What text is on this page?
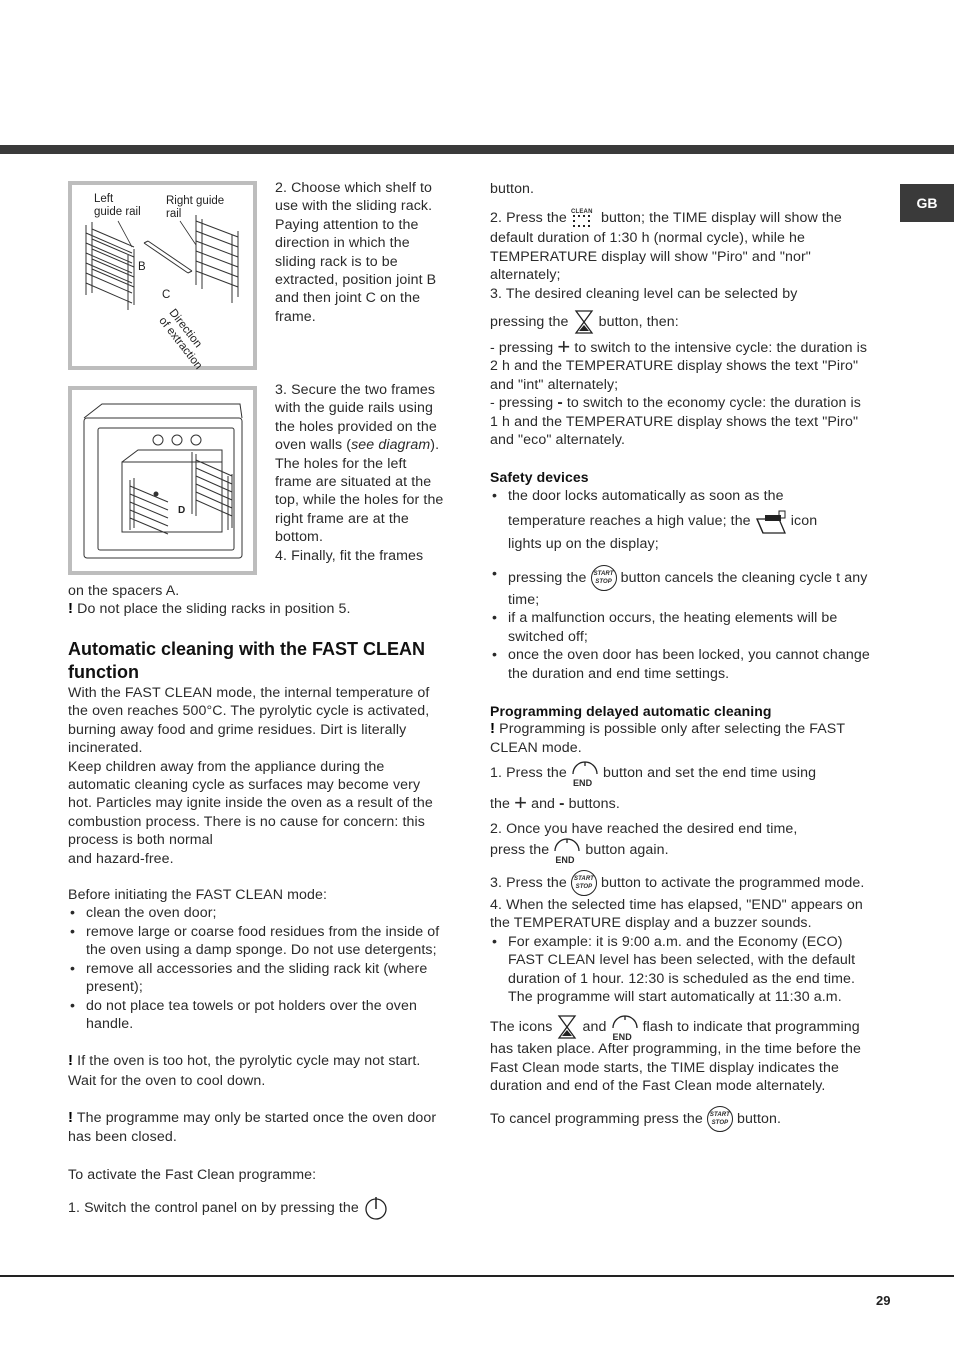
GB
29
Left
guide rail
Right guide
rail
B
C
Direction
of extraction
D
2. Choose which shelf to use with the sliding rack. Paying attention to the direction in which the sliding rack is to be extracted, position joint B and then joint C on the frame.
3. Secure the two frames with the guide rails using the holes provided on the oven walls (see diagram). The holes for the left frame are situated at the top, while the holes for the right frame are at the bottom.
4. Finally, fit the frames

on the spacers A.

! Do not place the sliding racks in position 5.

Automatic cleaning with the FAST CLEAN function

With the FAST CLEAN mode, the internal temperature of the oven reaches 500°C. The pyrolytic cycle is activated, burning away food and grime residues. Dirt is literally incinerated.

Keep children away from the appliance during the automatic cleaning cycle as surfaces may become very hot. Particles may ignite inside the oven as a result of the combustion process. There is no cause for concern: this process is both normal

and hazard-free.

Before initiating the FAST CLEAN mode:

• clean the oven door;
• remove large or coarse food residues from the inside of the oven using a damp sponge. Do not use detergents;
• remove all accessories and the sliding rack kit (where present);
• do not place tea towels or pot holders over the oven handle.

! If the oven is too hot, the pyrolytic cycle may not start. Wait for the oven to cool down.

! The programme may only be started once the oven door has been closed.

To activate the Fast Clean programme:

1. Switch the control panel on by pressing the

button.

2. Press the CLEAN button; the TIME display will show the default duration of 1:30 h (normal cycle), while he TEMPERATURE display will show "Piro" and "nor" alternately;

3. The desired cleaning level can be selected by

pressing the button, then:

- pressing + to switch to the intensive cycle: the duration is 2 h and the TEMPERATURE display shows the text "Piro" and "int" alternately;

- pressing - to switch to the economy cycle: the duration is 1 h and the TEMPERATURE display shows the text "Piro" and "eco" alternately.

Safety devices

• the door locks automatically as soon as the
temperature reaches a high value; the	icon
lights up on the display;
• pressing the START
STOP button cancels the cleaning cycle t any time;
• if a malfunction occurs, the heating elements will be switched off;
• once the oven door has been locked, you cannot change the duration and end time settings.

Programming delayed automatic cleaning

! Programming is possible only after selecting the FAST CLEAN mode.

1. Press the
END
button and set the end time using

the + and - buttons.

2. Once you have reached the desired end time,

press the
END
button again.

3. Press the START
STOP button to activate the programmed mode.

4. When the selected time has elapsed, "END" appears on the TEMPERATURE display and a buzzer sounds.

• For example: it is 9:00 a.m. and the Economy (ECO) FAST CLEAN level has been selected, with the default duration of 1 hour. 12:30 is scheduled as the end time. The programme will start automatically at 11:30 a.m.

The icons and
END
flash to indicate that programming has taken place. After programming, in the time before the Fast Clean mode starts, the TIME display indicates the duration and end of the Fast Clean mode alternately.

To cancel programming press the START
STOP button.
